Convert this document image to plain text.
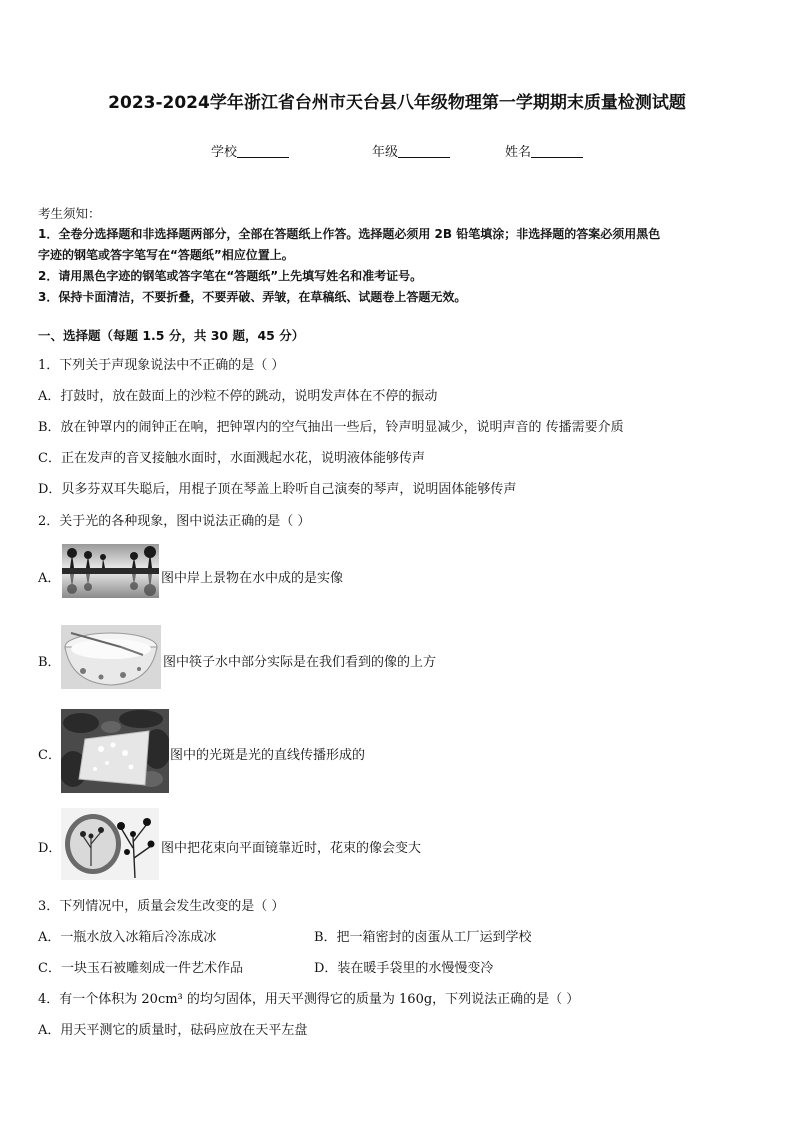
2023-2024学年浙江省台州市天台县八年级物理第一学期期末质量检测试题
学校	年级	姓名
考生须知：
1．全卷分选择题和非选择题两部分，全部在答题纸上作答。选择题必须用 2B 铅笔填涂；非选择题的答案必须用黑色
字迹的钢笔或答字笔写在“答题纸”相应位置上。
2．请用黑色字迹的钢笔或答字笔在“答题纸”上先填写姓名和准考证号。
3．保持卡面清洁，不要折叠，不要弄破、弄皱，在草稿纸、试题卷上答题无效。
一、选择题（每题 1.5 分，共 30 题，45 分）
1．下列关于声现象说法中不正确的是（ ）
A．打鼓时，放在鼓面上的沙粒不停的跳动，说明发声体在不停的振动
B．放在钟罩内的闹钟正在响，把钟罩内的空气抽出一些后，铃声明显减少，说明声音的 传播需要介质
C．正在发声的音叉接触水面时，水面溅起水花，说明液体能够传声
D．贝多芬双耳失聪后，用棍子顶在琴盖上聆听自己演奏的琴声，说明固体能够传声
2．关于光的各种现象，图中说法正确的是（ ）
A．	图中岸上景物在水中成的是实像
B．	图中筷子水中部分实际是在我们看到的像的上方
C．	图中的光斑是光的直线传播形成的
D．	图中把花束向平面镜靠近时，花束的像会变大
3．下列情况中，质量会发生改变的是（ ）
A．一瓶水放入冰箱后冷冻成冰	B．把一箱密封的卤蛋从工厂运到学校
C．一块玉石被雕刻成一件艺术作品	D．装在暖手袋里的水慢慢变冷
4．有一个体积为 20cm³ 的均匀固体，用天平测得它的质量为 160g，下列说法正确的是（ ）
A．用天平测它的质量时，砝码应放在天平左盘
